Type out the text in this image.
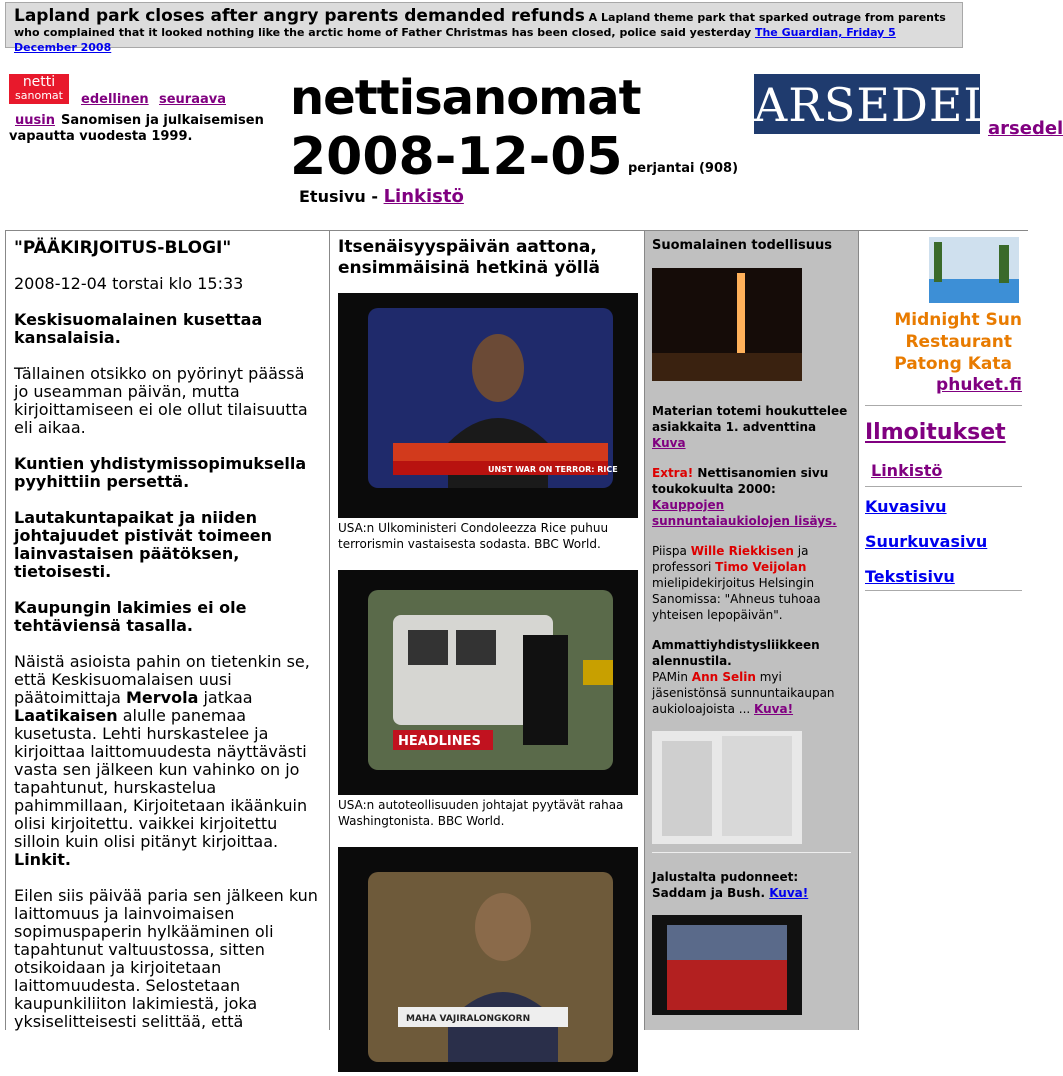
Lapland park closes after angry parents demanded refunds A Lapland theme park that sparked outrage from parents who complained that it looked nothing like the arctic home of Father Christmas has been closed, police said yesterday The Guardian, Friday 5 December 2008
netti
sanomat	edellinen seuraava
Sanomisen ja julkaisemisen vapautta vuodesta 1999.
uusin	nettisanomat
2008-12-05 perjantai (908)
Etusivu - Linkistö
ARSEDEL
arsedel

"PÄÄKIRJOITUS-BLOGI"

2008-12-04 torstai klo 15:33

Keskisuomalainen kusettaa kansalaisia.

Tällainen otsikko on pyörinyt päässä jo useamman päivän, mutta kirjoittamiseen ei ole ollut tilaisuutta eli aikaa.

Kuntien yhdistymissopimuksella pyyhittiin persettä.

Lautakuntapaikat ja niiden johtajuudet pistivät toimeen lainvastaisen päätöksen, tietoisesti.

Kaupungin lakimies ei ole tehtäviensä tasalla.

Näistä asioista pahin on tietenkin se, että Keskisuomalaisen uusi päätoimittaja Mervola jatkaa Laatikaisen alulle panemaa kusetusta. Lehti hurskastelee ja kirjoittaa laittomuudesta näyttävästi vasta sen jälkeen kun vahinko on jo tapahtunut, hurskastelua pahimmillaan, Kirjoitetaan ikäänkuin olisi kirjoitettu. vaikkei kirjoitettu silloin kuin olisi pitänyt kirjoittaa. Linkit.

Eilen siis päivää paria sen jälkeen kun laittomuus ja lainvoimaisen sopimuspaperin hylkääminen oli tapahtunut valtuustossa, sitten otsikoidaan ja kirjoitetaan laittomuudesta. Selostetaan kaupunkiliiton lakimiestä, joka yksiselitteisesti selittää, että

Itsenäisyyspäivän aattona, ensimmäisinä hetkinä yöllä
UNST WAR ON TERROR: RICE
USA:n Ulkoministeri Condoleezza Rice puhuu terrorismin vastaisesta sodasta. BBC World.
HEADLINES
USA:n autoteollisuuden johtajat pyytävät rahaa Washingtonista. BBC World.
MAHA VAJIRALONGKORN

Suomalainen todellisuus

Materian totemi houkuttelee asiakkaita 1. adventtina Kuva

Extra! Nettisanomien sivu toukokuulta 2000:
Kauppojen sunnuntaiaukiolojen lisäys.

Piispa Wille Riekkisen ja professori Timo Veijolan mielipidekirjoitus Helsingin Sanomissa: "Ahneus tuhoaa yhteisen lepopäivän".

Ammattiyhdistysliikkeen alennustila.
PAMin Ann Selin myi jäsenistönsä sunnuntaikaupan aukioloajoista ... Kuva!

Jalustalta pudonneet: Saddam ja Bush. Kuva!

Midnight Sun
Restaurant
Patong Kata
phuket.fi
Ilmoitukset
Linkistö
Kuvasivu
Suurkuvasivu
Tekstisivu
